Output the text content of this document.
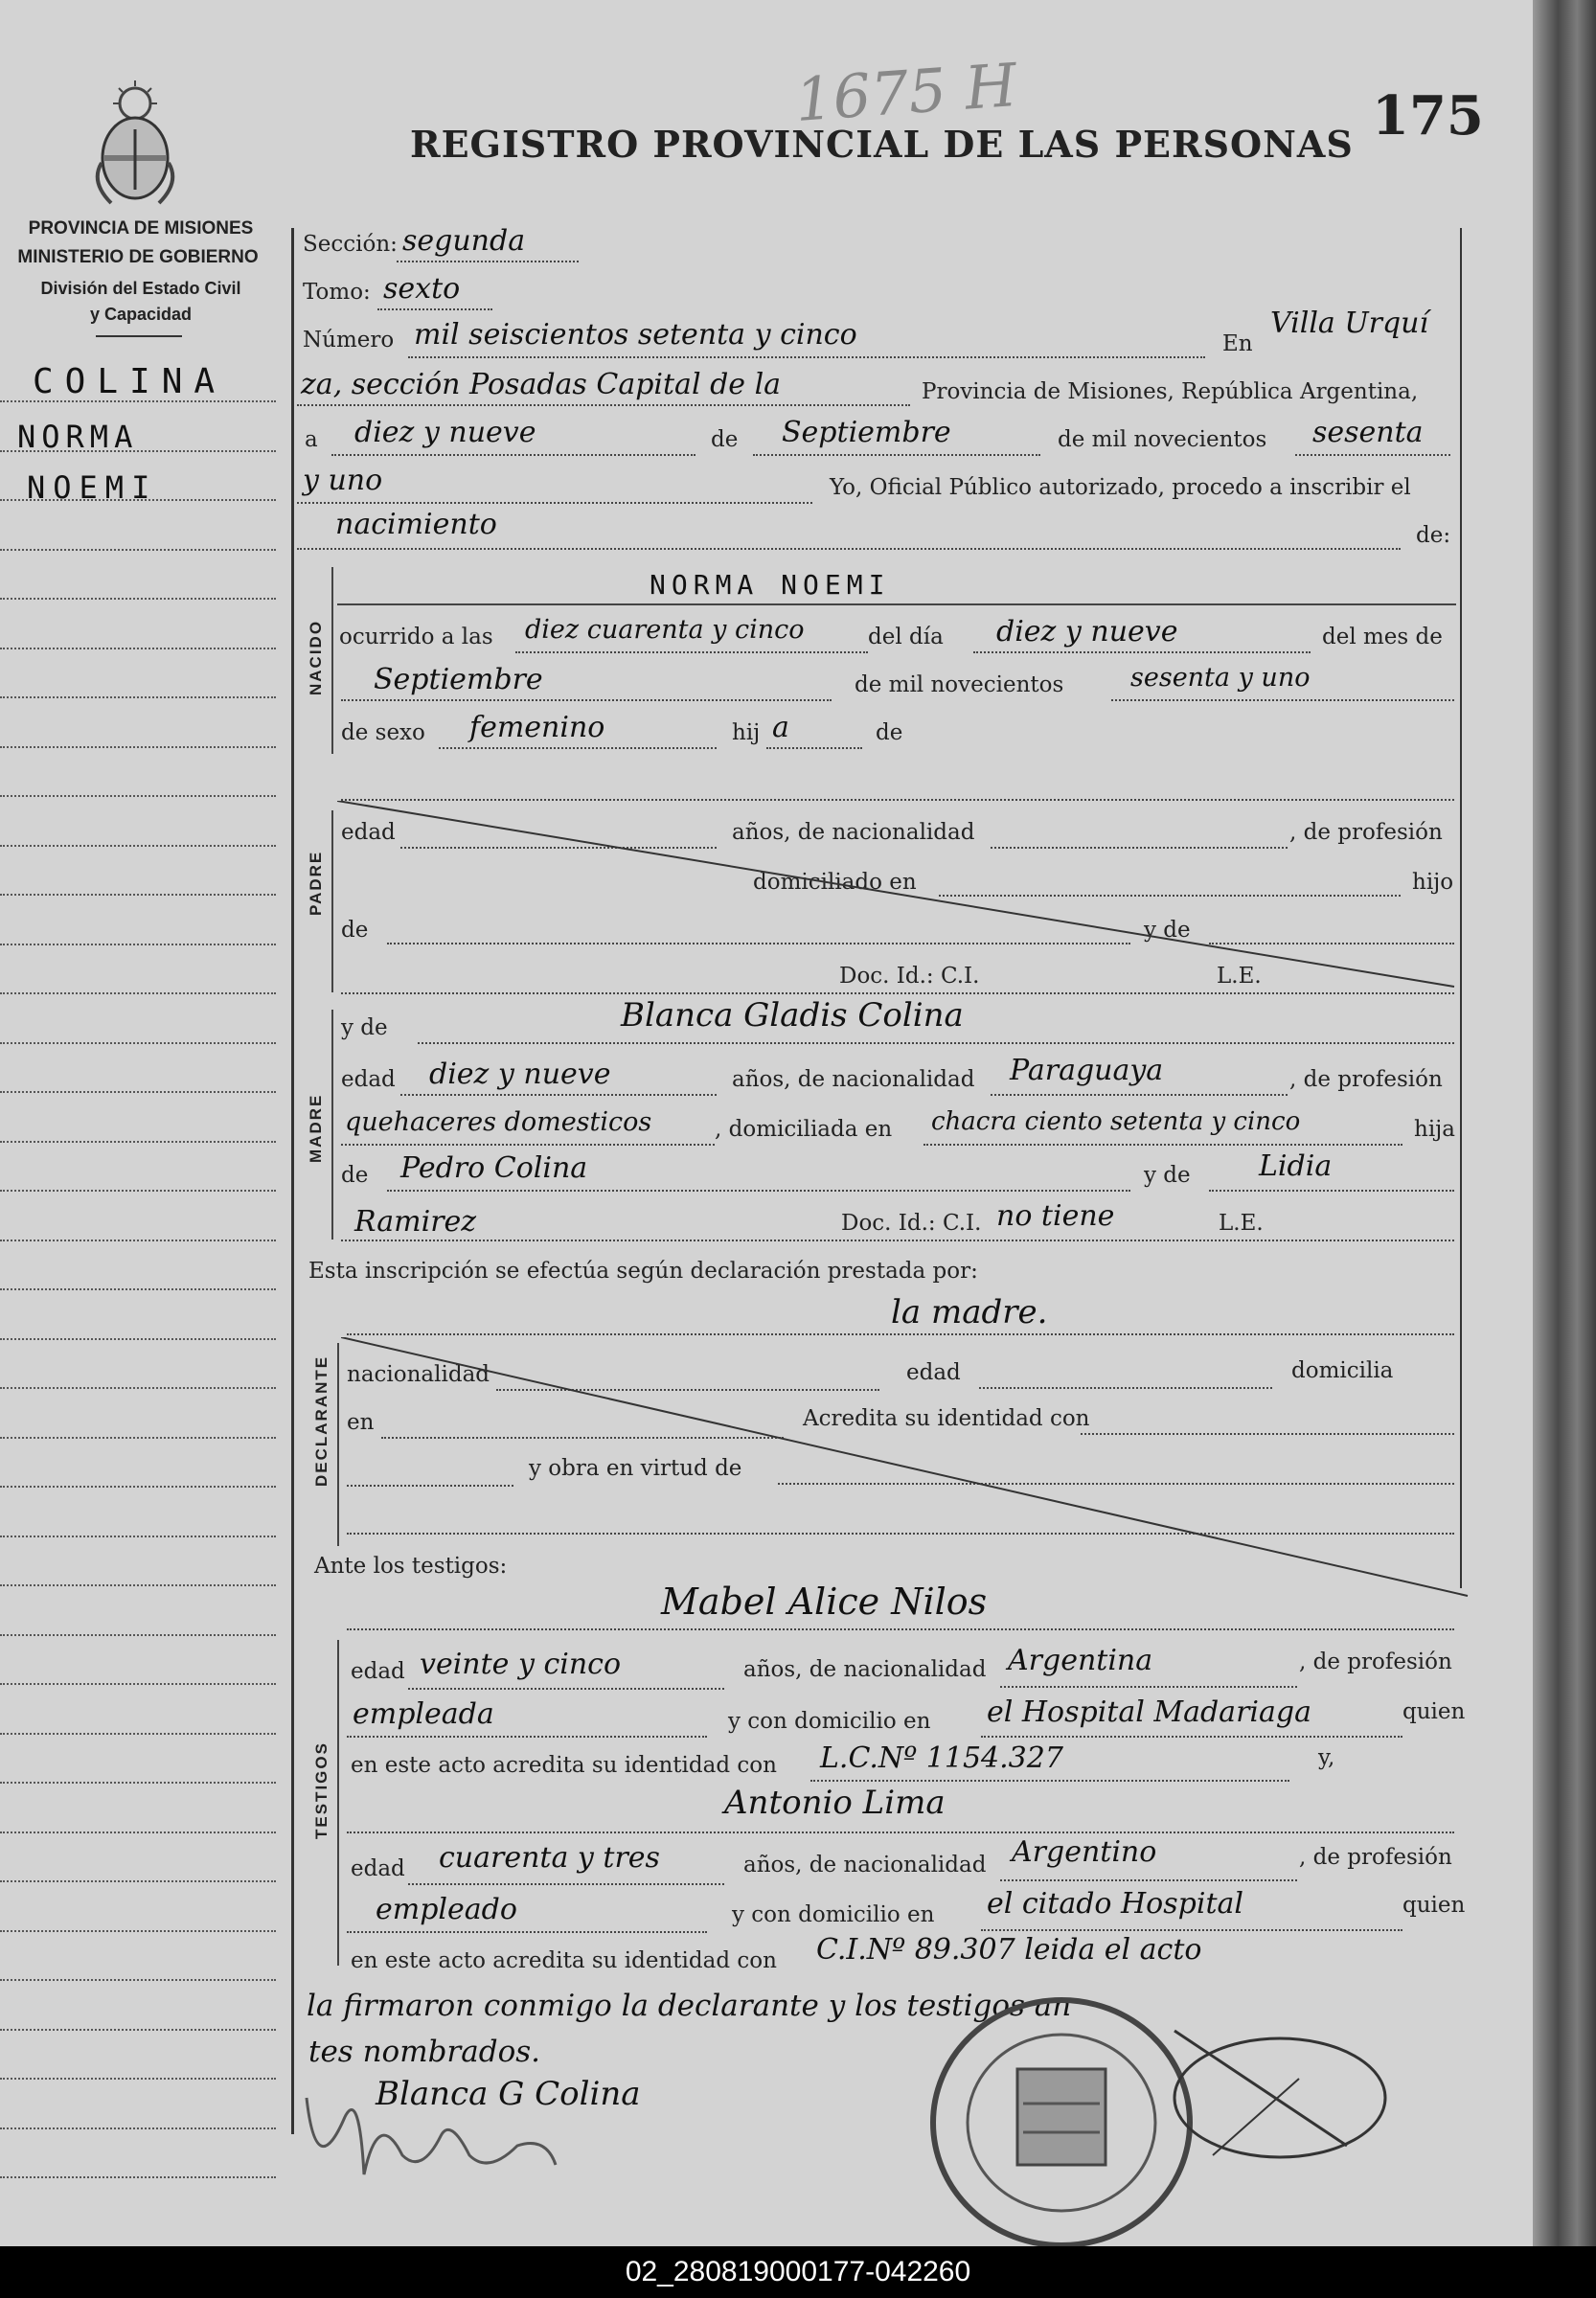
1675 H
REGISTRO PROVINCIAL DE LAS PERSONAS 175
PROVINCIA DE MISIONES
MINISTERIO DE GOBIERNO
División del Estado Civil
y Capacidad
COLINA
NORMA
NOEMI
Sección: segunda
Tomo: sexto
Número mil seiscientos setenta y cinco	En
Villa Urquí
za, sección Posadas Capital de la	Provincia de Misiones, República Argentina,
a diez y nueve	de Septiembre	de mil novecientos sesenta
y uno	Yo, Oficial Público autorizado, procedo a inscribir el
nacimiento	de:
NACIDO
NORMA NOEMI
ocurrido a las diez cuarenta y cinco	del día diez y nueve	del mes de
Septiembre	de mil novecientos	sesenta y uno
de sexo femenino	hij a	de
PADRE
edad	años, de nacionalidad	, de profesión
domiciliado en	hijo
de	y de
Doc. Id.: C.I.	L.E.
MADRE
y de	Blanca Gladis Colina
edad diez y nueve	años, de nacionalidad Paraguaya	, de profesión
quehaceres domesticos	, domiciliada en chacra ciento setenta y cinco	hija
de Pedro Colina	y de Lidia
Ramirez	Doc. Id.: C.I. no tiene	L.E.
Esta inscripción se efectúa según declaración prestada por:
la madre.
DECLARANTE nacionalidad	edad	domicilia
en	Acredita su identidad con
y obra en virtud de
Ante los testigos:
Mabel Alice Nilos
TESTIGOS
edad veinte y cinco	años, de nacionalidad Argentina	, de profesión
empleada	y con domicilio en el Hospital Madariaga	quien
en este acto acredita su identidad con L.C.Nº 1154.327	y,
Antonio Lima
edad cuarenta y tres	años, de nacionalidad Argentino	, de profesión
empleado	y con domicilio en el citado Hospital	quien
en este acto acredita su identidad con C.I.Nº 89.307 leida el acto
la firmaron conmigo la declarante y los testigos an
tes nombrados.
Blanca G Colina
02_280819000177-042260
